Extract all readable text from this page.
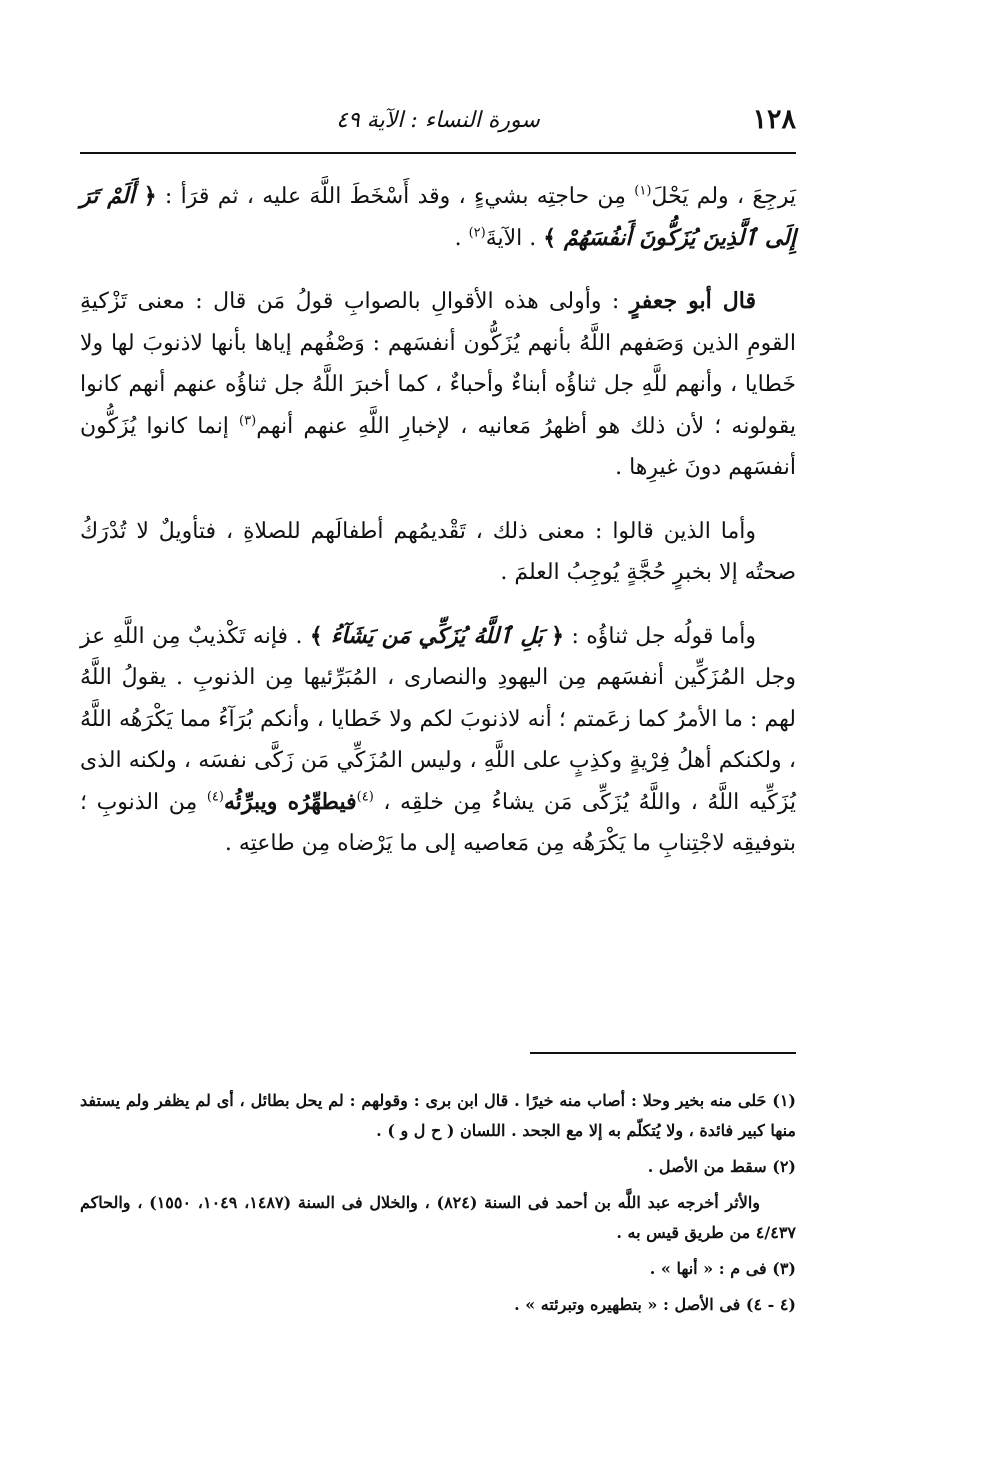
١٢٨
سورة النساء : الآية ٤٩

يَرجِعَ ، ولم يَحْلَ$^{(١)}$ مِن حاجتِه بشيءٍ ، وقد أَسْخَطَ اللَّهَ عليه ، ثم قرَأ : ﴿ أَلَمْ تَرَ إِلَى ٱلَّذِينَ يُزَكُّونَ أَنفُسَهُمْ ﴾ . الآيةَ$^{(٢)}$ .

قال أبو جعفرٍ : وأولى هذه الأقوالِ بالصوابِ قولُ مَن قال : معنى تَزْكيةِ القومِ الذين وَصَفهم اللَّهُ بأنهم يُزَكُّون أنفسَهم : وَصْفُهم إياها بأنها لاذنوبَ لها ولا خَطايا ، وأنهم للَّهِ جل ثناؤُه أبناءٌ وأحباءٌ ، كما أخبرَ اللَّهُ جل ثناؤُه عنهم أنهم كانوا يقولونه ؛ لأن ذلك هو أظهرُ مَعانيه ، لإخبارِ اللَّهِ عنهم أنهم$^{(٣)}$ إنما كانوا يُزَكُّون أنفسَهم دونَ غيرِها .

وأما الذين قالوا : معنى ذلك ، تَقْديمُهم أطفالَهم للصلاةِ ، فتأويلٌ لا تُدْرَكُ صحتُه إلا بخبرٍ حُجَّةٍ يُوجِبُ العلمَ .

وأما قولُه جل ثناؤُه : ﴿ بَلِ ٱللَّهُ يُزَكِّي مَن يَشَآءُ ﴾ . فإنه تَكْذيبٌ مِن اللَّهِ عز وجل المُزَكِّين أنفسَهم مِن اليهودِ والنصارى ، المُبَرِّئيها مِن الذنوبِ . يقولُ اللَّهُ لهم : ما الأمرُ كما زعَمتم ؛ أنه لاذنوبَ لكم ولا خَطايا ، وأنكم بُرَآءُ مما يَكْرَهُه اللَّهُ ، ولكنكم أهلُ فِرْيةٍ وكذِبٍ على اللَّهِ ، وليس المُزَكِّي مَن زَكَّى نفسَه ، ولكنه الذى يُزَكِّيه اللَّهُ ، واللَّهُ يُزَكِّى مَن يشاءُ مِن خلقِه ، $^{(٤)}$فيطهِّرُه ويبرِّئُه$^{(٤)}$ مِن الذنوبِ ؛ بتوفيقِه لاجْتِنابِ ما يَكْرَهُه مِن مَعاصيه إلى ما يَرْضاه مِن طاعتِه .

(١) حَلى منه بخير وحلا : أصاب منه خيرًا . قال ابن برى : وقولهم : لم يحل بطائل ، أى لم يظفر ولم يستفد منها كبير فائدة ، ولا يُتكلّم به إلا مع الجحد . اللسان ( ح ل و ) .

(٢) سقط من الأصل .

والأثر أخرجه عبد اللَّه بن أحمد فى السنة (٨٢٤) ، والخلال فى السنة (١٤٨٧، ١٠٤٩، ١٥٥٠) ، والحاكم ٤/٤٣٧ من طريق قيس به .

(٣) فى م : « أنها » .

(٤ - ٤) فى الأصل : « بتطهيره وتبرئته » .
